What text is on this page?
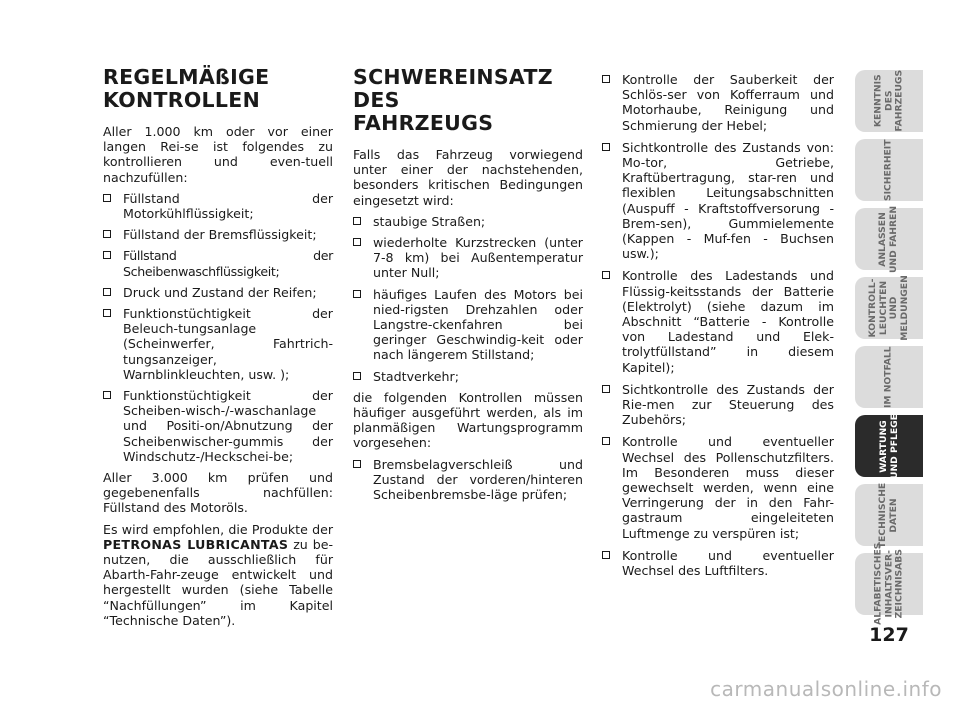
REGELMÄßIGE
KONTROLLEN

Aller 1.000 km oder vor einer langen Rei-se ist folgendes zu kontrollieren und even-tuell nachzufüllen:

Füllstand der Motorkühlflüssigkeit;
Füllstand der Bremsflüssigkeit;
Füllstand der Scheibenwaschflüssigkeit;
Druck und Zustand der Reifen;
Funktionstüchtigkeit der Beleuch-tungsanlage (Scheinwerfer, Fahrtrich-tungsanzeiger, Warnblinkleuchten, usw. );
Funktionstüchtigkeit der Scheiben-wisch-/-waschanlage und Positi-on/Abnutzung der Scheibenwischer-gummis der Windschutz-/Heckschei-be;

Aller 3.000 km prüfen und gegebenenfalls nachfüllen: Füllstand des Motoröls.

Es wird empfohlen, die Produkte der PETRONAS LUBRICANTAS zu be-nutzen, die ausschließlich für Abarth-Fahr-zeuge entwickelt und hergestellt wurden (siehe Tabelle “Nachfüllungen” im Kapitel “Technische Daten”).

SCHWEREINSATZ DES
FAHRZEUGS

Falls das Fahrzeug vorwiegend unter einer der nachstehenden, besonders kritischen Bedingungen eingesetzt wird:

staubige Straßen;
wiederholte Kurzstrecken (unter 7-8 km) bei Außentemperatur unter Null;
häufiges Laufen des Motors bei nied-rigsten Drehzahlen oder Langstre-ckenfahren bei geringer Geschwindig-keit oder nach längerem Stillstand;
Stadtverkehr;

die folgenden Kontrollen müssen häufiger ausgeführt werden, als im planmäßigen Wartungsprogramm vorgesehen:

Bremsbelagverschleiß und Zustand der vorderen/hinteren Scheibenbremsbe-läge prüfen;
Kontrolle der Sauberkeit der Schlös-ser von Kofferraum und Motorhaube, Reinigung und Schmierung der Hebel;
Sichtkontrolle des Zustands von: Mo-tor, Getriebe, Kraftübertragung, star-ren und flexiblen Leitungsabschnitten (Auspuff - Kraftstoffversorung - Brem-sen), Gummielemente (Kappen - Muf-fen - Buchsen usw.);
Kontrolle des Ladestands und Flüssig-keitsstands der Batterie (Elektrolyt) (siehe dazum im Abschnitt “Batterie - Kontrolle von Ladestand und Elek-trolytfüllstand” in diesem Kapitel);
Sichtkontrolle des Zustands der Rie-men zur Steuerung des Zubehörs;
Kontrolle und eventueller Wechsel des Pollenschutzfilters. Im Besonderen muss dieser gewechselt werden, wenn eine Verringerung der in den Fahr-gastraum eingeleiteten Luftmenge zu verspüren ist;
Kontrolle und eventueller Wechsel des Luftfilters.
KENNTNIS DES
FAHRZEUGS
SICHERHEIT
ANLASSEN
UND FAHREN
KONTROLL-
LEUCHTEN UND
MELDUNGEN
IM NOTFALL
WARTUNG
UND PFLEGE
TECHNISCHE
DATEN
ALFABETISCHES
INHALTSVER-
ZEICHNISABS
127
carmanualsonline.info
